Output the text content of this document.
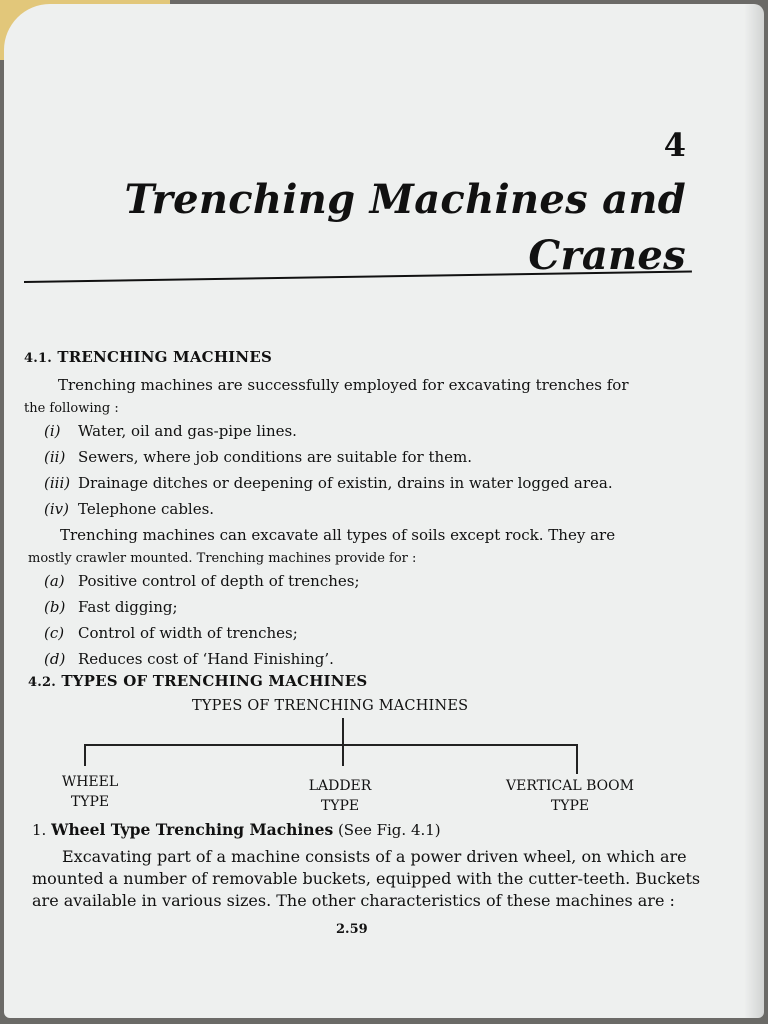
4
Trenching Machines and
Cranes
4.1. TRENCHING MACHINES
Trenching machines are successfully employed for excavating trenches for
the following :
(i) Water, oil and gas-pipe lines.
(ii) Sewers, where job conditions are suitable for them.
(iii) Drainage ditches or deepening of existin, drains in water logged area.
(iv) Telephone cables.
Trenching machines can excavate all types of soils except rock. They are
mostly crawler mounted. Trenching machines provide for :
(a) Positive control of depth of trenches;
(b) Fast digging;
(c) Control of width of trenches;
(d) Reduces cost of ‘Hand Finishing’.
4.2. TYPES OF TRENCHING MACHINES
TYPES OF TRENCHING MACHINES
WHEEL
TYPE
LADDER
TYPE
VERTICAL BOOM
TYPE
1. Wheel Type Trenching Machines (See Fig. 4.1)
Excavating part of a machine consists of a power driven wheel, on which are
mounted a number of removable buckets, equipped with the cutter-teeth. Buckets
are available in various sizes. The other characteristics of these machines are :
2.59
